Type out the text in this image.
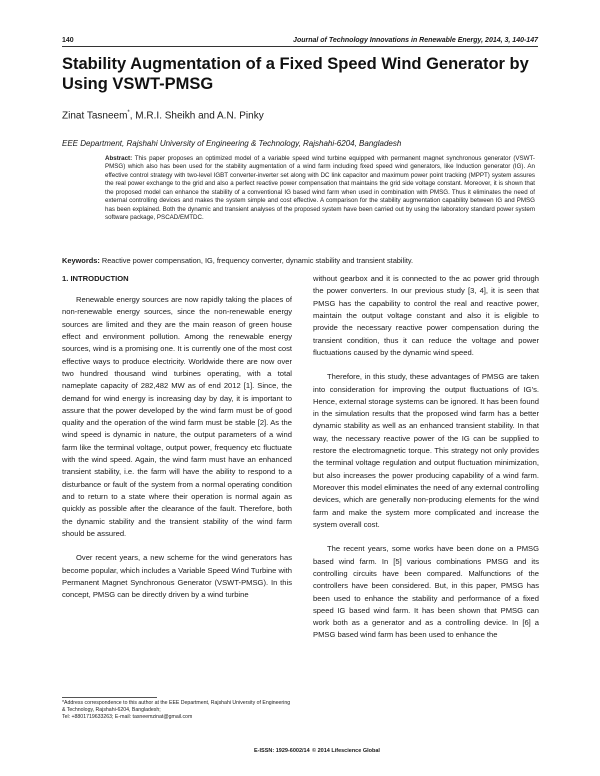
140	Journal of Technology Innovations in Renewable Energy, 2014, 3, 140-147
Stability Augmentation of a Fixed Speed Wind Generator by Using VSWT-PMSG
Zinat Tasneem*, M.R.I. Sheikh and A.N. Pinky
EEE Department, Rajshahi University of Engineering & Technology, Rajshahi-6204, Bangladesh
Abstract: This paper proposes an optimized model of a variable speed wind turbine equipped with permanent magnet synchronous generator (VSWT-PMSG) which also has been used for the stability augmentation of a wind farm including fixed speed wind generators, like Induction generator (IG). An effective control strategy with two-level IGBT converter-inverter set along with DC link capacitor and maximum power point tracking (MPPT) system assures the real power exchange to the grid and also a perfect reactive power compensation that maintains the grid side voltage constant. Moreover, it is shown that the proposed model can enhance the stability of a conventional IG based wind farm when used in combination with PMSG. Thus it eliminates the need of external controlling devices and makes the system simple and cost effective. A comparison for the stability augmentation capability between IG and PMSG has been explained. Both the dynamic and transient analyses of the proposed system have been carried out by using the laboratory standard power system software package, PSCAD/EMTDC.
Keywords: Reactive power compensation, IG, frequency converter, dynamic stability and transient stability.
1. INTRODUCTION

Renewable energy sources are now rapidly taking the places of non-renewable energy sources, since the non-renewable energy sources are limited and they are the main reason of green house effect and environment pollution. Among the renewable energy sources, wind is a promising one. It is currently one of the most cost effective ways to produce electricity. Worldwide there are now over two hundred thousand wind turbines operating, with a total nameplate capacity of 282,482 MW as of end 2012 [1]. Since, the demand for wind energy is increasing day by day, it is important to assure that the power developed by the wind farm must be of good quality and the operation of the wind farm must be stable [2]. As the wind speed is dynamic in nature, the output parameters of a wind farm like the terminal voltage, output power, frequency etc fluctuate with the wind speed. Again, the wind farm must have an enhanced transient stability, i.e. the farm will have the ability to respond to a disturbance or fault of the system from a normal operating condition and to return to a state where their operation is normal again as quickly as possible after the clearance of the fault. Therefore, both the dynamic stability and the transient stability of the wind farm should be assured.

Over recent years, a new scheme for the wind generators has become popular, which includes a Variable Speed Wind Turbine with Permanent Magnet Synchronous Generator (VSWT-PMSG). In this concept, PMSG can be directly driven by a wind turbine

without gearbox and it is connected to the ac power grid through the power converters. In our previous study [3, 4], it is seen that PMSG has the capability to control the real and reactive power, maintain the output voltage constant and also it is eligible to provide the necessary reactive power compensation during the transient condition, thus it can reduce the voltage and power fluctuations caused by the dynamic wind speed.

Therefore, in this study, these advantages of PMSG are taken into consideration for improving the output fluctuations of IG's. Hence, external storage systems can be ignored. It has been found in the simulation results that the proposed wind farm has a better dynamic stability as well as an enhanced transient stability. In that way, the necessary reactive power of the IG can be supplied to restore the electromagnetic torque. This strategy not only provides the terminal voltage regulation and output fluctuation minimization, but also increases the power producing capability of a wind farm. Moreover this model eliminates the need of any external controlling devices, which are generally non-producing elements for the wind farm and make the system more complicated and increase the system overall cost.

The recent years, some works have been done on a PMSG based wind farm. In [5] various combinations PMSG and its controlling circuits have been compared. Malfunctions of the controllers have been considered. But, in this paper, PMSG has been used to enhance the stability and performance of a fixed speed IG based wind farm. It has been shown that PMSG can work both as a generator and as a controlling device. In [6] a PMSG based wind farm has been used to enhance the

*Address correspondence to this author at the EEE Department, Rajshahi University of Engineering & Technology, Rajshahi-6204, Bangladesh;
Tel: +8801719633263; E-mail: tasneemzinat@gmail.com
E-ISSN: 1929-6002/14 © 2014 Lifescience Global
